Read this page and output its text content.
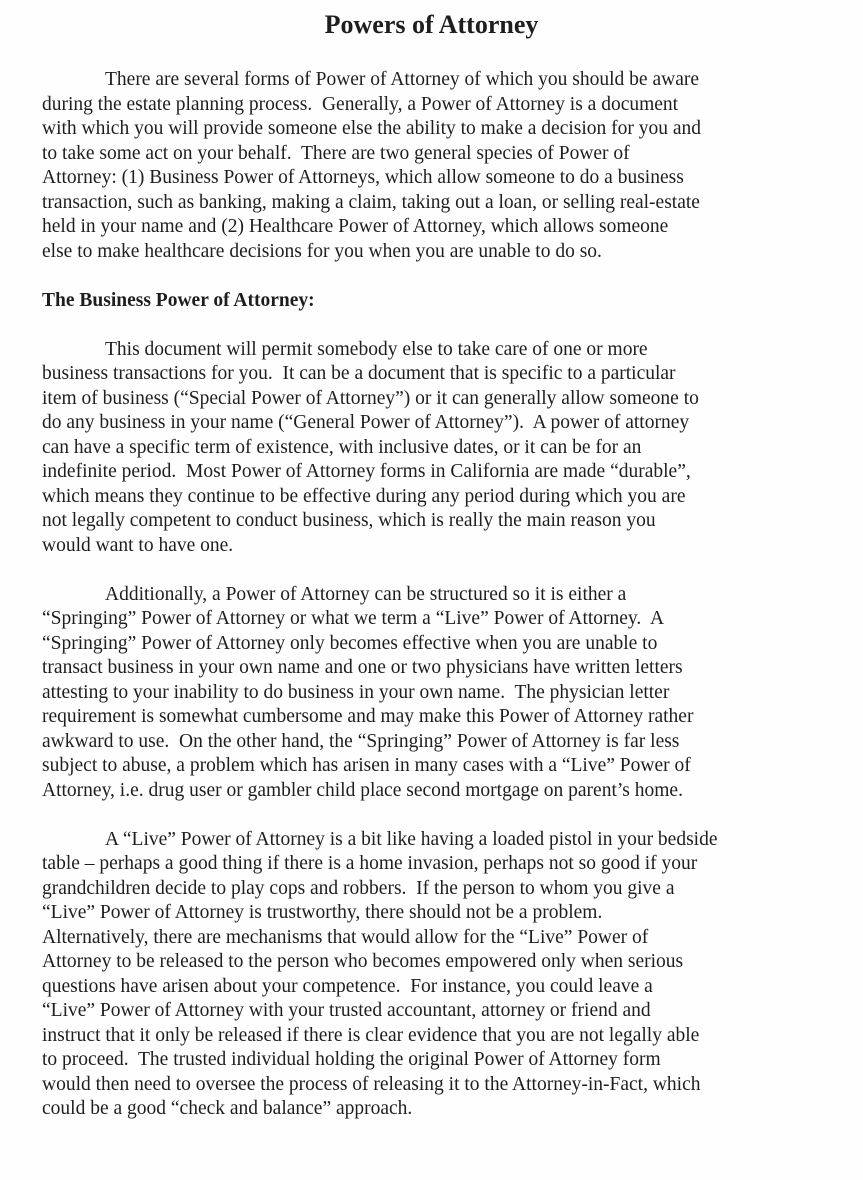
Powers of Attorney
There are several forms of Power of Attorney of which you should be aware
during the estate planning process.  Generally, a Power of Attorney is a document
with which you will provide someone else the ability to make a decision for you and
to take some act on your behalf.  There are two general species of Power of
Attorney: (1) Business Power of Attorneys, which allow someone to do a business
transaction, such as banking, making a claim, taking out a loan, or selling real-estate
held in your name and (2) Healthcare Power of Attorney, which allows someone
else to make healthcare decisions for you when you are unable to do so.
The Business Power of Attorney:
This document will permit somebody else to take care of one or more
business transactions for you.  It can be a document that is specific to a particular
item of business (“Special Power of Attorney”) or it can generally allow someone to
do any business in your name (“General Power of Attorney”).  A power of attorney
can have a specific term of existence, with inclusive dates, or it can be for an
indefinite period.  Most Power of Attorney forms in California are made “durable”,
which means they continue to be effective during any period during which you are
not legally competent to conduct business, which is really the main reason you
would want to have one.
Additionally, a Power of Attorney can be structured so it is either a
“Springing” Power of Attorney or what we term a “Live” Power of Attorney.  A
“Springing” Power of Attorney only becomes effective when you are unable to
transact business in your own name and one or two physicians have written letters
attesting to your inability to do business in your own name.  The physician letter
requirement is somewhat cumbersome and may make this Power of Attorney rather
awkward to use.  On the other hand, the “Springing” Power of Attorney is far less
subject to abuse, a problem which has arisen in many cases with a “Live” Power of
Attorney, i.e. drug user or gambler child place second mortgage on parent’s home.
A “Live” Power of Attorney is a bit like having a loaded pistol in your bedside
table – perhaps a good thing if there is a home invasion, perhaps not so good if your
grandchildren decide to play cops and robbers.  If the person to whom you give a
“Live” Power of Attorney is trustworthy, there should not be a problem.
Alternatively, there are mechanisms that would allow for the “Live” Power of
Attorney to be released to the person who becomes empowered only when serious
questions have arisen about your competence.  For instance, you could leave a
“Live” Power of Attorney with your trusted accountant, attorney or friend and
instruct that it only be released if there is clear evidence that you are not legally able
to proceed.  The trusted individual holding the original Power of Attorney form
would then need to oversee the process of releasing it to the Attorney-in-Fact, which
could be a good “check and balance” approach.
